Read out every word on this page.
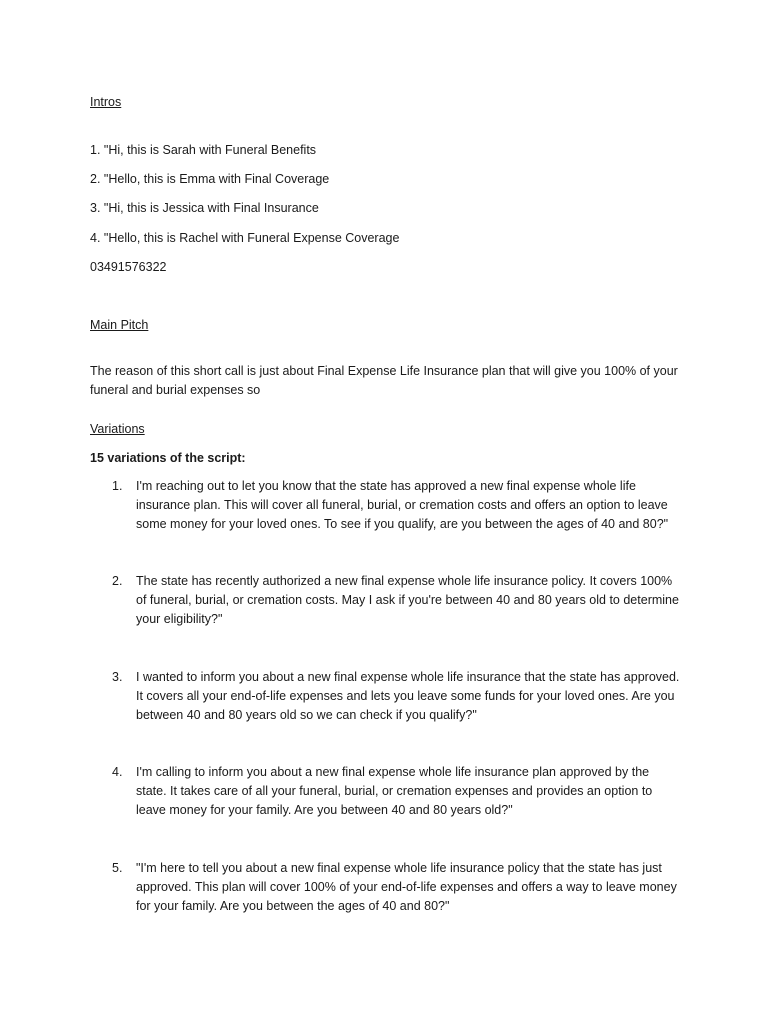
Intros
1. "Hi, this is Sarah with Funeral Benefits
2. "Hello, this is Emma with Final Coverage
3. "Hi, this is Jessica with Final Insurance
4. "Hello, this is Rachel with Funeral Expense Coverage
03491576322
Main Pitch
The reason of this short call is just about Final Expense Life Insurance plan that will give you 100% of your funeral and burial expenses so
Variations
15 variations of the script:
1. I'm reaching out to let you know that the state has approved a new final expense whole life insurance plan. This will cover all funeral, burial, or cremation costs and offers an option to leave some money for your loved ones. To see if you qualify, are you between the ages of 40 and 80?"
2. The state has recently authorized a new final expense whole life insurance policy. It covers 100% of funeral, burial, or cremation costs. May I ask if you're between 40 and 80 years old to determine your eligibility?"
3. I wanted to inform you about a new final expense whole life insurance that the state has approved. It covers all your end-of-life expenses and lets you leave some funds for your loved ones. Are you between 40 and 80 years old so we can check if you qualify?"
4. I'm calling to inform you about a new final expense whole life insurance plan approved by the state. It takes care of all your funeral, burial, or cremation expenses and provides an option to leave money for your family. Are you between 40 and 80 years old?"
5. "I'm here to tell you about a new final expense whole life insurance policy that the state has just approved. This plan will cover 100% of your end-of-life expenses and offers a way to leave money for your family. Are you between the ages of 40 and 80?"
